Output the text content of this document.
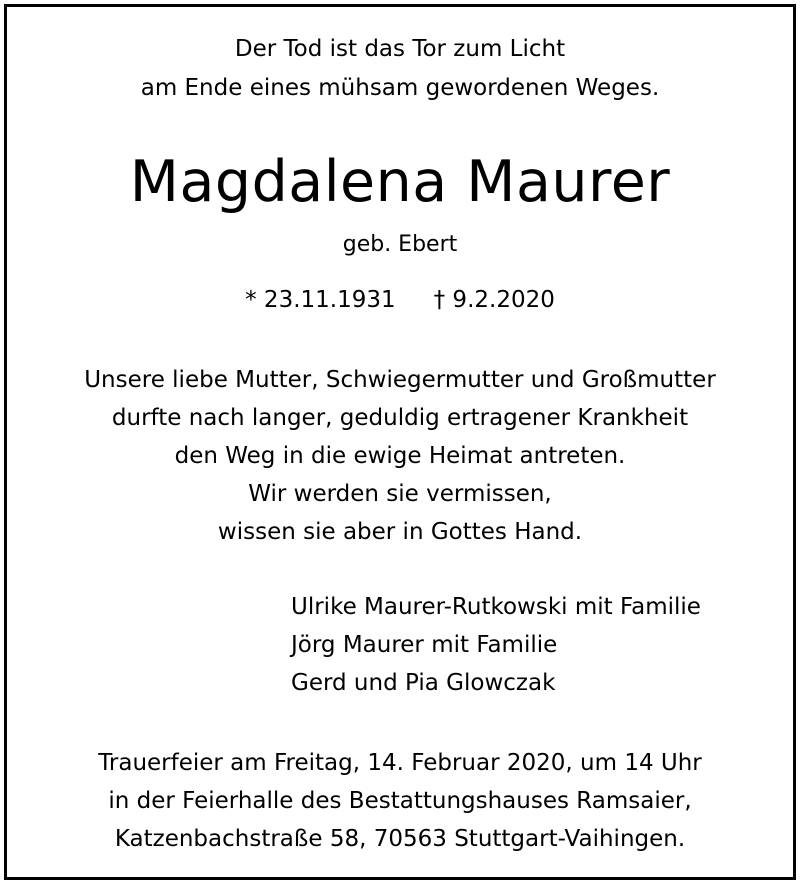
Der Tod ist das Tor zum Licht
am Ende eines mühsam gewordenen Weges.
Magdalena Maurer
geb. Ebert
* 23.11.1931 † 9.2.2020
Unsere liebe Mutter, Schwiegermutter und Großmutter
durfte nach langer, geduldig ertragener Krankheit
den Weg in die ewige Heimat antreten.
Wir werden sie vermissen,
wissen sie aber in Gottes Hand.
Ulrike Maurer-Rutkowski mit Familie
Jörg Maurer mit Familie
Gerd und Pia Glowczak
Trauerfeier am Freitag, 14. Februar 2020, um 14 Uhr
in der Feierhalle des Bestattungshauses Ramsaier,
Katzenbachstraße 58, 70563 Stuttgart-Vaihingen.
